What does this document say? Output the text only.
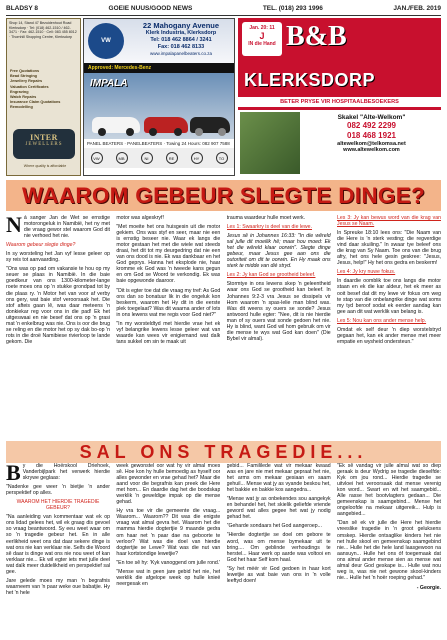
BLADSY 8	GOEIE NUUS/GOOD NEWS	TEL. (018) 293 1996	JAN./FEB. 2019
Shop 14, Stand 47 Bezuidenhout Road Klerksdorp · Tel: (018) 462-1510 / 462-3471 · Fax: 462-1510 · Cell: 083 455 8012 · Thornhill Shopping Centre, Klerksdorp
Free Quotations
Bead Stringing
Jewellery Repairs
Valuation Certificates
Engraving
Watch Repairs
Insurance Claim Quotations
Remodelling
INTER
JEWELLERS
Where quality is affordable
VW
22 Mahogany Avenue
Klerk Industria, Klerksdorp
Tel: 018 462 8864 / 3241
Fax: 018 462 8133
www.impalapanelbeaters.co.za
Approved: Mercedes-Benz
IMPALA
PANEL BEATERS · PANELBEATERS · Towing 24 Hours: 082 907 7588
VW	MB	NI	RE	HY	TO
Jan. 20: 11
J
IN die Hand B&B
KLERKSDORP
BETER PRYSE VIR HOSPITAALBESOEKERS
Skakel "Alte-Welkom"
082 492 2299
018 468 1921
altewelkom@telkomsa.net
www.altewelkom.com
WAAROM GEBEUR SLEGTE DINGE?

Ná sanger Jan de Wet se ernstige motorongeluk in Namibië, het ny met die vraag gewor stel waarom God dit nie verhoed het nie.

Waarom gebeur slegte dinge?

In sy worsteling het Jan vyf lesse geleer op sy reis tot aanvaarding.

"Ons was op pad om vakansie te hou op my seuer se plaas in Namibië. In die baie goedkeur van ons 1300-kilometer-lange roete moes ons op 'n stukke grondpad tot by die plaas ry. 'n Motor het van voor af verby ons gery, wat baie stof veroorsaak het. Die stof afteis gaan lê, was daar meteens 'n donkiekar reg voor ons in die pad! Ek het uitgeswaai en nie besef dat ons op 'n grasi mat 'n enkelbrug was nie. Ons is oor die brug se reling en die motor het op sy dak bo-op 'n rots in die droë Namibiese rivierloop te lande gekom. Die

motor was algeskryf!

"Met moeite het ons huisgesin uit die motor gekiem. Ons was styf en seer, maar nie een is ernstig beseer nie. Waar ek langs die motor gestaan het met die wiele wat steeds draai, het dit tot my deurgedring dat nie een van ons dood is nie. Ek was dankbaar en het God geprys. Hanna het eksplode nie, haar kromme ek God was 'n tweede kans gegun en om God se Woord te verkondig. Ek was baie opgewonde daaroor.

"Dit is egter toe dat die vraag my tref: As God ons dan so bonatuur lik in die ongeluk kon beskerm, waarom het Hy dit in die eerste plek toegelaat? Was dit waarna ander of lots in ons lewens wat me regis voor God niet?"

"In my worsteldtyd met hierdie vrae het ek vyf belangrike lewens lesse geleer wat van waarde kan wees vir enigiemand wat dalk tans sukkel om sin te maak uit

trauma waardeur hulle moet werk.

Les 1: Swaarkry is deel van die lewe.

Jesus sê in Johannes 16:33: "In die wêreld sal julle dit moeilik hê; maar hou moed: Ek het die wêreld klaar oorwin". Slegte dinge gebeur, maar Jesus gee aan ons die outoriteit om dit te oorwin. En Hy maak ons sterk te midde van dié stryd.

Les 2: Jy kan God se grootheid beleef.

Stormtye in ons lewens skep 'n geleentheid waar ons God se grootheid kan beleef. In Johannes 9:2-3 vra Jesus se dissipels vir Hom waarom 'n spas-lelie man blind was. Was dit weens sy ouers se sonde? Jesus antwoord hulle egter: "Nee, dit is nie hierdie man of sy ouers wat sonde gedoen het nie. Hy is blind, want God wil hom gebruik om vir die mense te wys wat God kan doen" (Die Bybel vir almal).

Les 3: Jy kan bewus word van die krag van Jesus se Naam.

In Spreuke 18:10 lees ons: "Die Naam van die Here is 'n sterk vesting; die regverdige vind daar skuiling." In swaar tye beleef ons die krag van Sy Naam. Toe ons van die brug afry, het ons hele gesin geskree: "Jesus, Jesus, help!" Hy het ons gedra en beskerm!

Les 4: Jy kry nuwe fokus.

In daardie oomblik toe ons langs die motor staan en ek die kar aldeur, het ek meer as ooit besef dat dit my lewe vir fokus om weg te stap van die onbelangrike dinge wat soms my tyd beroof sodat ek eerder aandag kan gee aan dit wat werklik van belang is.

Les 5: Nou kan ons ander mense help.

Omdat ek self deur 'n diep worstelstryd gegaan het, kan ek ander mense met meer empatie en wysheid ondersteun."

SAL ONS TRAGEDIE...

By die Hoërskool Driehoek, Vanderbijlpark het verwerk hierdie skrywe geglaas:

"Nadenke gee weer 'n bietjie 'n ander perspektief op alles.

WAAROM HET HIERDIE TRAGEDIE GEBEUR?

"Na aanleiding van kommentaar wat ek op ons lidad gelees het, wil ek graag dis gevoel so vraag beantwoord. Sy eeu weet waar om so 'n tragedie gebeur het. En in alle eerlikheid weet ons dat daar sekere dinge is wat ons nie kan verklaar nie. Selfs die Woord sê daar is dinge wat ons nie nou weet of kan verklaar nie... Ek wil egter iets met julle deel wat dalk meer duidelikheid en perspektief sal gee.

Jare gelede moes my man 'n begrafnis waarneem van 'n paar weke oue babatjie. Hy het 'n hele

week gewonstel oor wat hy vir almal moes sê. Hoe kon hy hulle bemoedig as hyself oor alles gewonder en vrae gehad het? Maar die aand voor die begrafnis kan preek die Here met hom... En daardie dag het die boodskap werklik 'n geweldige impak op die mense gehad.

Hy vra toe vir die gemeente die vraag... Waarom... Waarom?? Dit was die enigste vraag wat almal gevra het. Waarom het die mamma hierdie dogtertjie 9 maande gedra om haar net 'n paar dae na geboorte te verloor? Wat was die doel van hierdie dogtertjie se Lewe? Wat was die nut van haar kortstondige lewetjie?

"En toe sê hy: 'Kyk vanoggend om julle rond.'

"Mense wat in geen jare gebid het nie, het werklik die afgelope week op hulle knieë neergesak en

gebid... Famililede wat vir mekaar kwaad was en jare nie met mekaar gepraat het nie, het arms om mekaar gesiaan en saam gehuil... Mense wat jy as vyande beskou het, het bakkie en bakkie kos aangedra...

"Mense wat jy as onbekendes sou aangekyk en behandel het, het skielik geliefde vriende geword wat alles gegee het wat jy nodig gehad het.

"Geharde sondaars het God aangeroep...

"Hierdie dogtertjie se doel om gebore te word, was om mense bymekaar uit te bring.... Om geblinde verhoudings te herstel... Haar werk op aarde was voltooi en God het haar Self kom haal.

"Sy het méér vir God gedoen in haar kort lewetjie as wat baie van ons in 'n volle leeftyd doen!

"Ek sê vandag vir julle almal wat so diep geraak is deur Wydrig se tragedie dieselfde: Kyk om jou rond... Hierdie tragedie se uitvloei het veroorsaak dat mense verenig kon word... Swart en wit het saamgebid... Alle rasse het bootvlagters gedaan... Die gemeenskap is saamgebind... Mense het ongeloofde na mekaar uitgereik... Hulp is aangebied...

"Dan sê ek vir julle die Here het hierdie vreeslike tragedie in 'n groot geluksens omskep. Hierdie ontsaglike kinders het nie net hulle skool en gemeenskap saamgebind nie... Hulle het die hele land laasgewoon na aansuyn... Hulle het ons óf toegemaak dat ons almal ander mense sien as mense wat almal deur God geskape is... Hulle wat nou weg is, was nie net gewone skool-kinders nie... Hulle het 'n hoër roeping gehad."

- Georgie.
